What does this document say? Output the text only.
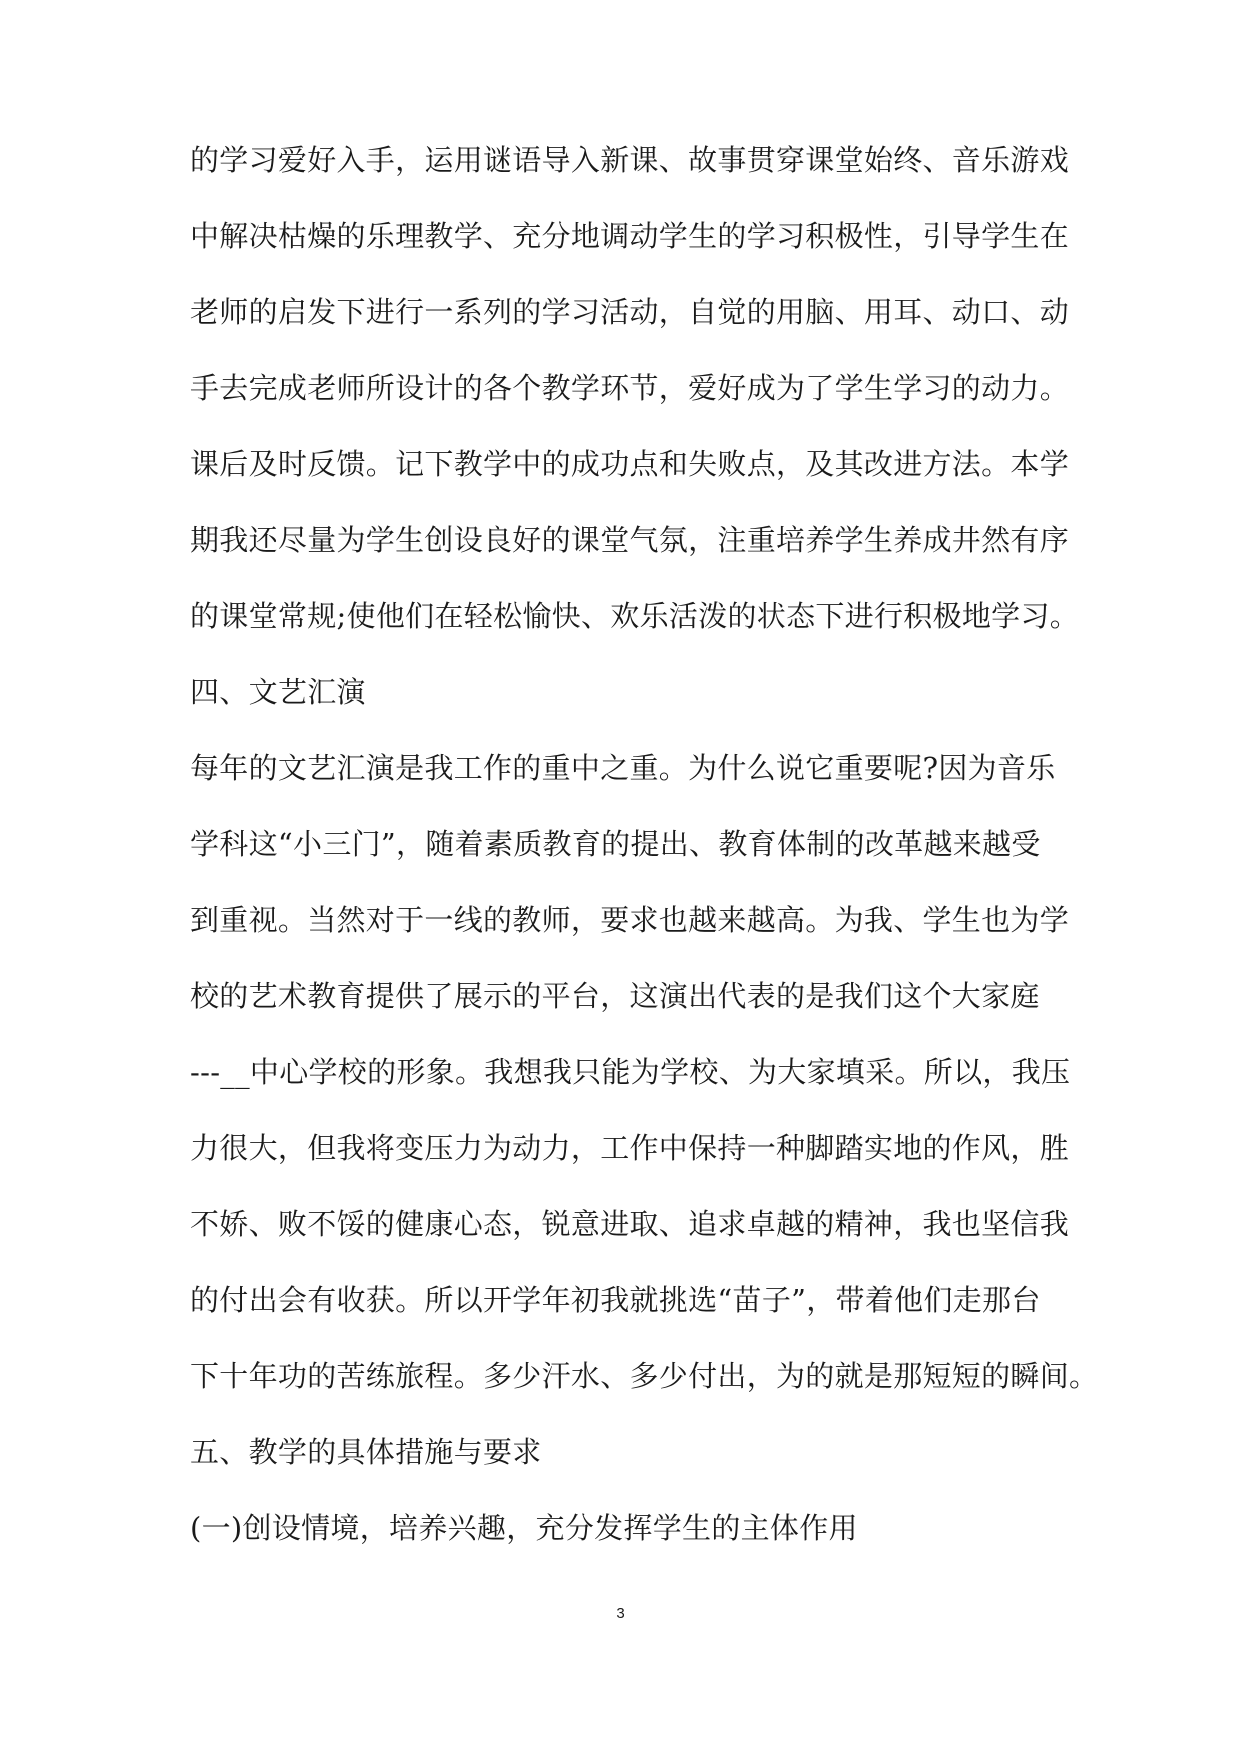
的学习爱好入手，运用谜语导入新课、故事贯穿课堂始终、音乐游戏
中解决枯燥的乐理教学、充分地调动学生的学习积极性，引导学生在
老师的启发下进行一系列的学习活动，自觉的用脑、用耳、动口、动
手去完成老师所设计的各个教学环节，爱好成为了学生学习的动力。
课后及时反馈。记下教学中的成功点和失败点，及其改进方法。本学
期我还尽量为学生创设良好的课堂气氛，注重培养学生养成井然有序
的课堂常规;使他们在轻松愉快、欢乐活泼的状态下进行积极地学习。
四、文艺汇演
每年的文艺汇演是我工作的重中之重。为什么说它重要呢?因为音乐
学科这“小三门”，随着素质教育的提出、教育体制的改革越来越受
到重视。当然对于一线的教师，要求也越来越高。为我、学生也为学
校的艺术教育提供了展示的平台，这演出代表的是我们这个大家庭
---__中心学校的形象。我想我只能为学校、为大家填采。所以，我压
力很大，但我将变压力为动力，工作中保持一种脚踏实地的作风，胜
不娇、败不馁的健康心态，锐意进取、追求卓越的精神，我也坚信我
的付出会有收获。所以开学年初我就挑选“苗子”，带着他们走那台
下十年功的苦练旅程。多少汗水、多少付出，为的就是那短短的瞬间。
五、教学的具体措施与要求
(一)创设情境，培养兴趣，充分发挥学生的主体作用
3
